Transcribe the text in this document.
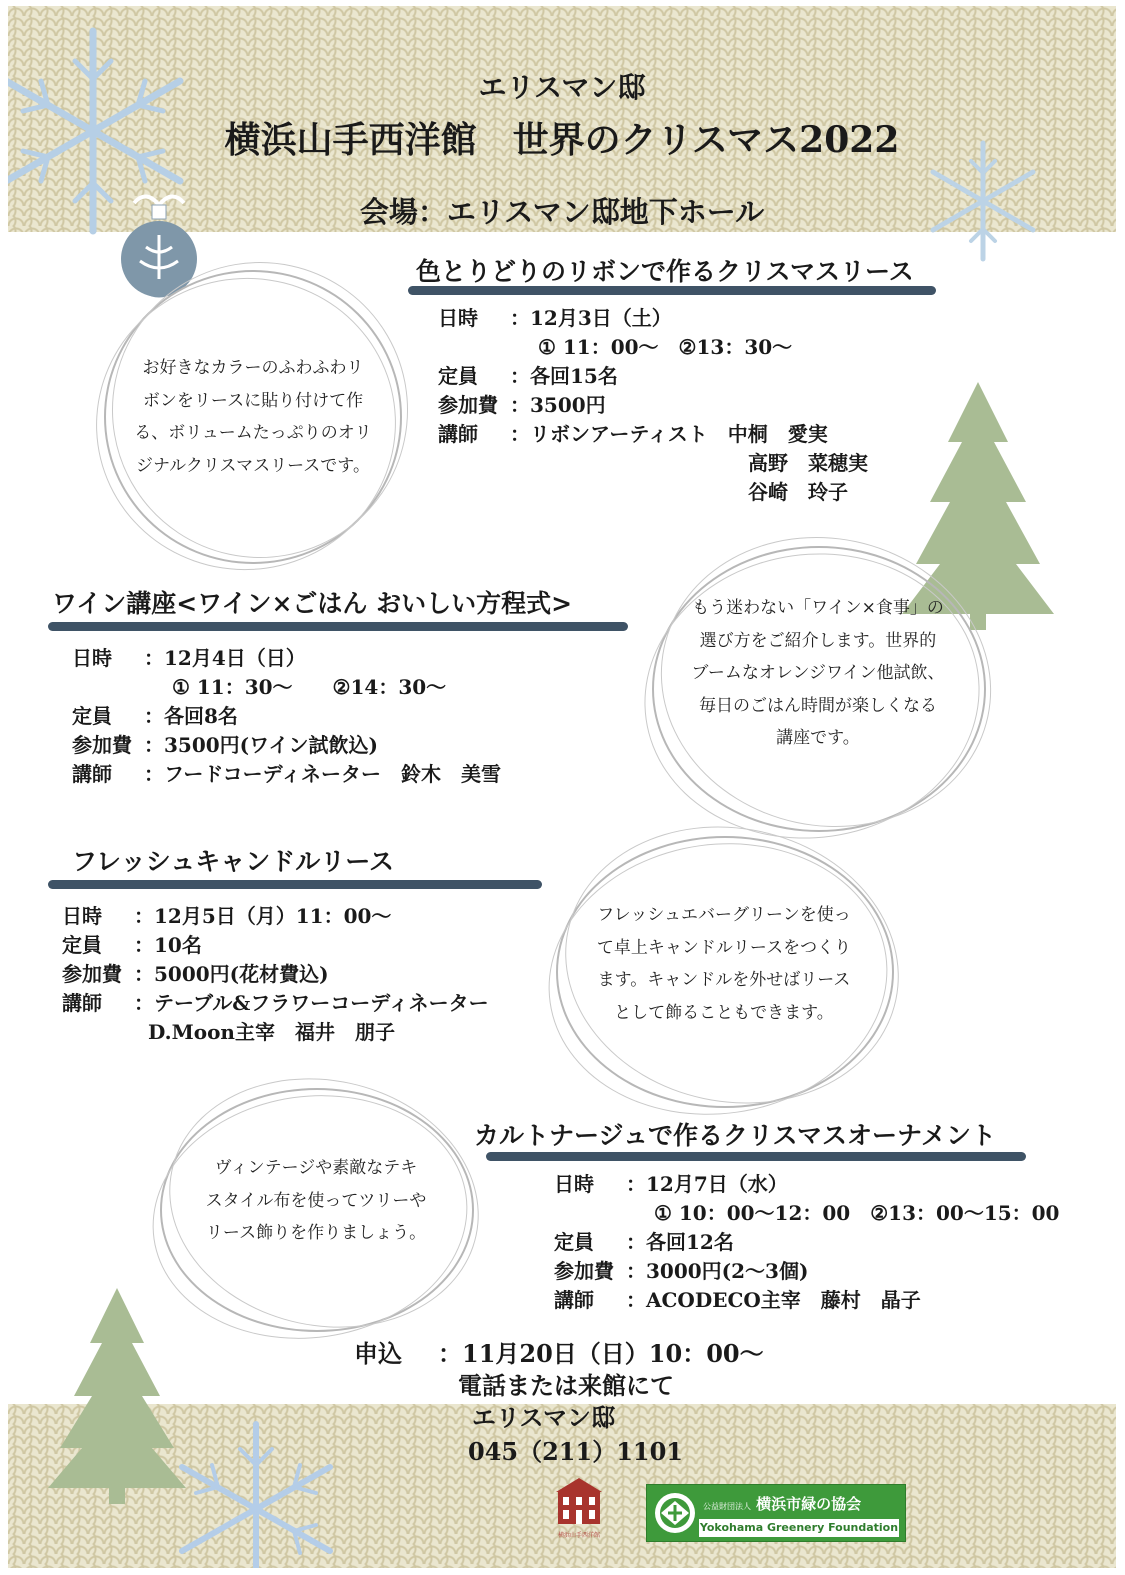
エリスマン邸
横浜山手西洋館　世界のクリスマス2022
会場：エリスマン邸地下ホール
色とりどりのリボンで作るクリスマスリース
日時	：12月3日（土）
① 11：00～　②13：30～
定員	：各回15名
参加費 ：3500円
講師	：リボンアーティスト　中桐　愛実
高野　菜穂実
谷崎　玲子
お好きなカラーのふわふわリ
ボンをリースに貼り付けて作
る、ボリュームたっぷりのオリ
ジナルクリスマスリースです。
ワイン講座<ワイン×ごはん おいしい方程式>
日時	：12月4日（日）
① 11：30～　　②14：30～
定員	：各回8名
参加費 ：3500円(ワイン試飲込)
講師	：フードコーディネーター　鈴木　美雪
もう迷わない「ワイン×食事」の
選び方をご紹介します。世界的
ブームなオレンジワイン他試飲、
毎日のごはん時間が楽しくなる
講座です。
フレッシュキャンドルリース
日時	：12月5日（月）11：00～
定員	：10名
参加費 ：5000円(花材費込)
講師	：テーブル&フラワーコーディネーター
D.Moon主宰　福井　朋子
フレッシュエバーグリーンを使っ
て卓上キャンドルリースをつくり
ます。キャンドルを外せばリース
として飾ることもできます。
カルトナージュで作るクリスマスオーナメント
日時	：12月7日（水）
① 10：00～12：00　②13：00～15：00
定員	：各回12名
参加費 ：3000円(2～3個)
講師	：ACODECO主宰　藤村　晶子
ヴィンテージや素敵なテキ
スタイル布を使ってツリーや
リース飾りを作りましょう。
申込 ：11月20日（日）10：00～
電話または来館にて
エリスマン邸
045（211）1101
横浜山手西洋館
公益財団法人 横浜市緑の協会
Yokohama Greenery Foundation
